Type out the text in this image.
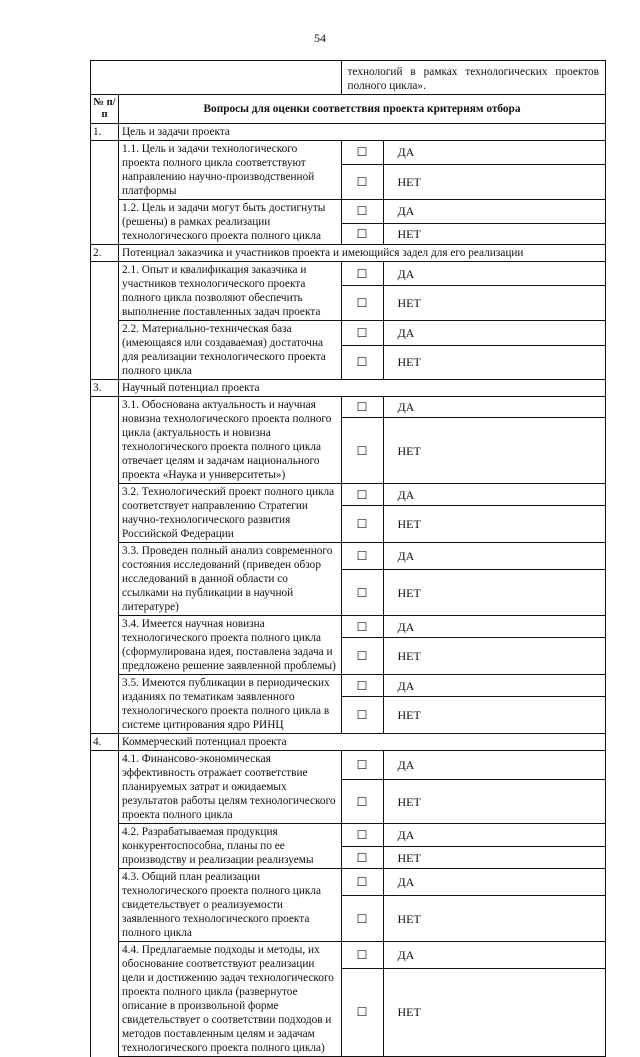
54
		технологий в рамках технологических проектов полного цикла».	
№ п/п	Вопросы для оценки соответствия проекта критериям отбора		
1.	Цель и задачи проекта		
	1.1. Цель и задачи технологического проекта полного цикла соответствуют направлению научно-производственной платформы	☐	ДА
		☐	НЕТ
	1.2. Цель и задачи могут быть достигнуты (решены) в рамках реализации технологического проекта полного цикла	☐	ДА
		☐	НЕТ
2.	Потенциал заказчика и участников проекта и имеющийся задел для его реализации		
	2.1. Опыт и квалификация заказчика и участников технологического проекта полного цикла позволяют обеспечить выполнение поставленных задач проекта	☐	ДА
		☐	НЕТ
	2.2. Материально-техническая база (имеющаяся или создаваемая) достаточна для реализации технологического проекта полного цикла	☐	ДА
		☐	НЕТ
3.	Научный потенциал проекта		
	3.1. Обоснована актуальность и научная новизна технологического проекта полного цикла (актуальность и новизна технологического проекта полного цикла отвечает целям и задачам национального проекта «Наука и университеты»)	☐	ДА
		☐	НЕТ
	3.2. Технологический проект полного цикла соответствует направлению Стратегии научно-технологического развития Российской Федерации	☐	ДА
		☐	НЕТ
	3.3. Проведен полный анализ современного состояния исследований (приведен обзор исследований в данной области со ссылками на публикации в научной литературе)	☐	ДА
		☐	НЕТ
	3.4. Имеется научная новизна технологического проекта полного цикла (сформулирована идея, поставлена задача и предложено решение заявленной проблемы)	☐	ДА
		☐	НЕТ
	3.5. Имеются публикации в периодических изданиях по тематикам заявленного технологического проекта полного цикла в системе цитирования ядро РИНЦ	☐	ДА
		☐	НЕТ
4.	Коммерческий потенциал проекта		
	4.1. Финансово-экономическая эффективность отражает соответствие планируемых затрат и ожидаемых результатов работы целям технологического проекта полного цикла	☐	ДА
		☐	НЕТ
	4.2. Разрабатываемая продукция конкурентоспособна, планы по ее производству и реализации реализуемы	☐	ДА
		☐	НЕТ
	4.3. Общий план реализации технологического проекта полного цикла свидетельствует о реализуемости заявленного технологического проекта полного цикла	☐	ДА
		☐	НЕТ
	4.4. Предлагаемые подходы и методы, их обоснование соответствуют реализации цели и достижению задач технологического проекта полного цикла (развернутое описание в произвольной форме свидетельствует о соответствии подходов и методов поставленным целям и задачам технологического проекта полного цикла)	☐	ДА
		☐	НЕТ
